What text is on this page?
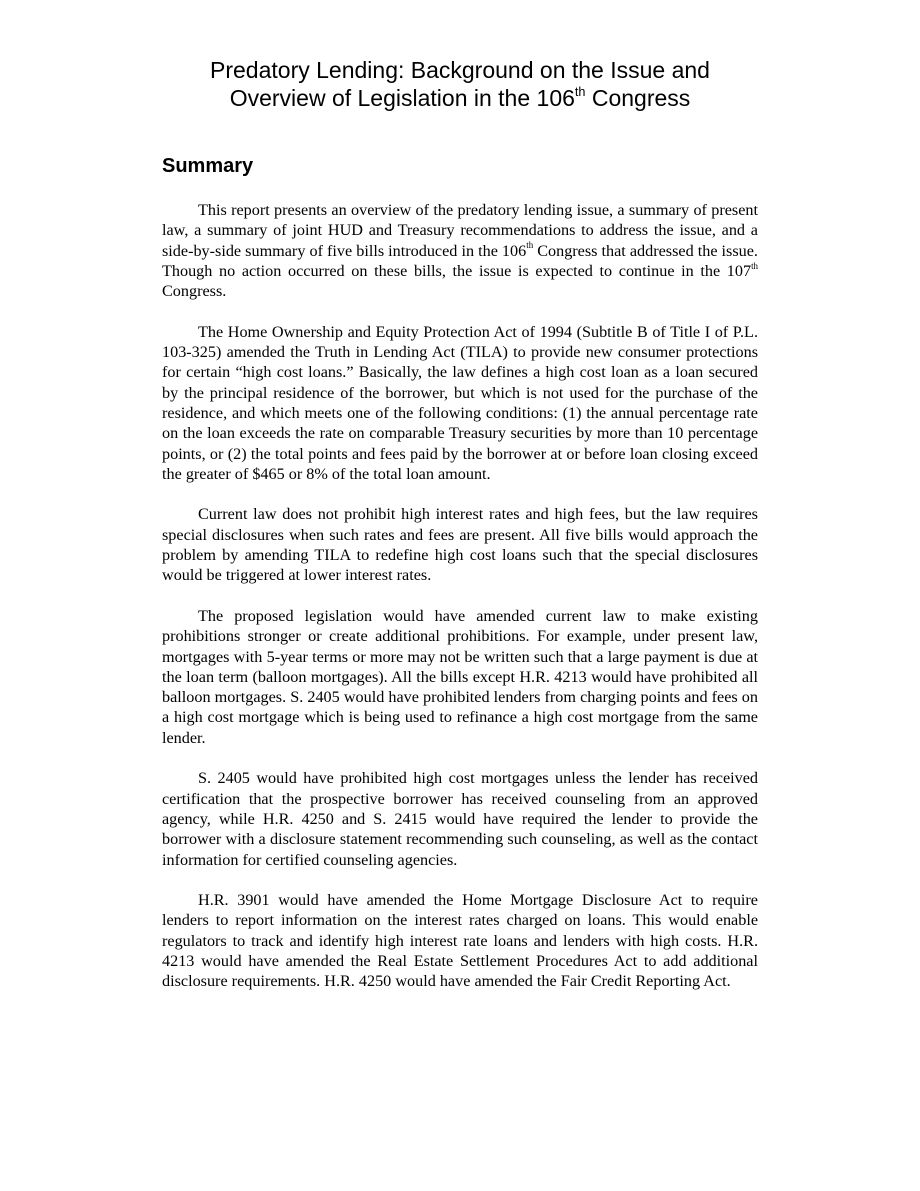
Predatory Lending: Background on the Issue and
Overview of Legislation in the 106th Congress
Summary

This report presents an overview of the predatory lending issue, a summary of present law, a summary of joint HUD and Treasury recommendations to address the issue, and a side-by-side summary of five bills introduced in the 106th Congress that addressed the issue. Though no action occurred on these bills, the issue is expected to continue in the 107th Congress.

The Home Ownership and Equity Protection Act of 1994 (Subtitle B of Title I of P.L. 103-325) amended the Truth in Lending Act (TILA) to provide new consumer protections for certain “high cost loans.” Basically, the law defines a high cost loan as a loan secured by the principal residence of the borrower, but which is not used for the purchase of the residence, and which meets one of the following conditions: (1) the annual percentage rate on the loan exceeds the rate on comparable Treasury securities by more than 10 percentage points, or (2) the total points and fees paid by the borrower at or before loan closing exceed the greater of $465 or 8% of the total loan amount.

Current law does not prohibit high interest rates and high fees, but the law requires special disclosures when such rates and fees are present. All five bills would approach the problem by amending TILA to redefine high cost loans such that the special disclosures would be triggered at lower interest rates.

The proposed legislation would have amended current law to make existing prohibitions stronger or create additional prohibitions. For example, under present law, mortgages with 5-year terms or more may not be written such that a large payment is due at the loan term (balloon mortgages). All the bills except H.R. 4213 would have prohibited all balloon mortgages. S. 2405 would have prohibited lenders from charging points and fees on a high cost mortgage which is being used to refinance a high cost mortgage from the same lender.

S. 2405 would have prohibited high cost mortgages unless the lender has received certification that the prospective borrower has received counseling from an approved agency, while H.R. 4250 and S. 2415 would have required the lender to provide the borrower with a disclosure statement recommending such counseling, as well as the contact information for certified counseling agencies.

H.R. 3901 would have amended the Home Mortgage Disclosure Act to require lenders to report information on the interest rates charged on loans. This would enable regulators to track and identify high interest rate loans and lenders with high costs. H.R. 4213 would have amended the Real Estate Settlement Procedures Act to add additional disclosure requirements. H.R. 4250 would have amended the Fair Credit Reporting Act.
